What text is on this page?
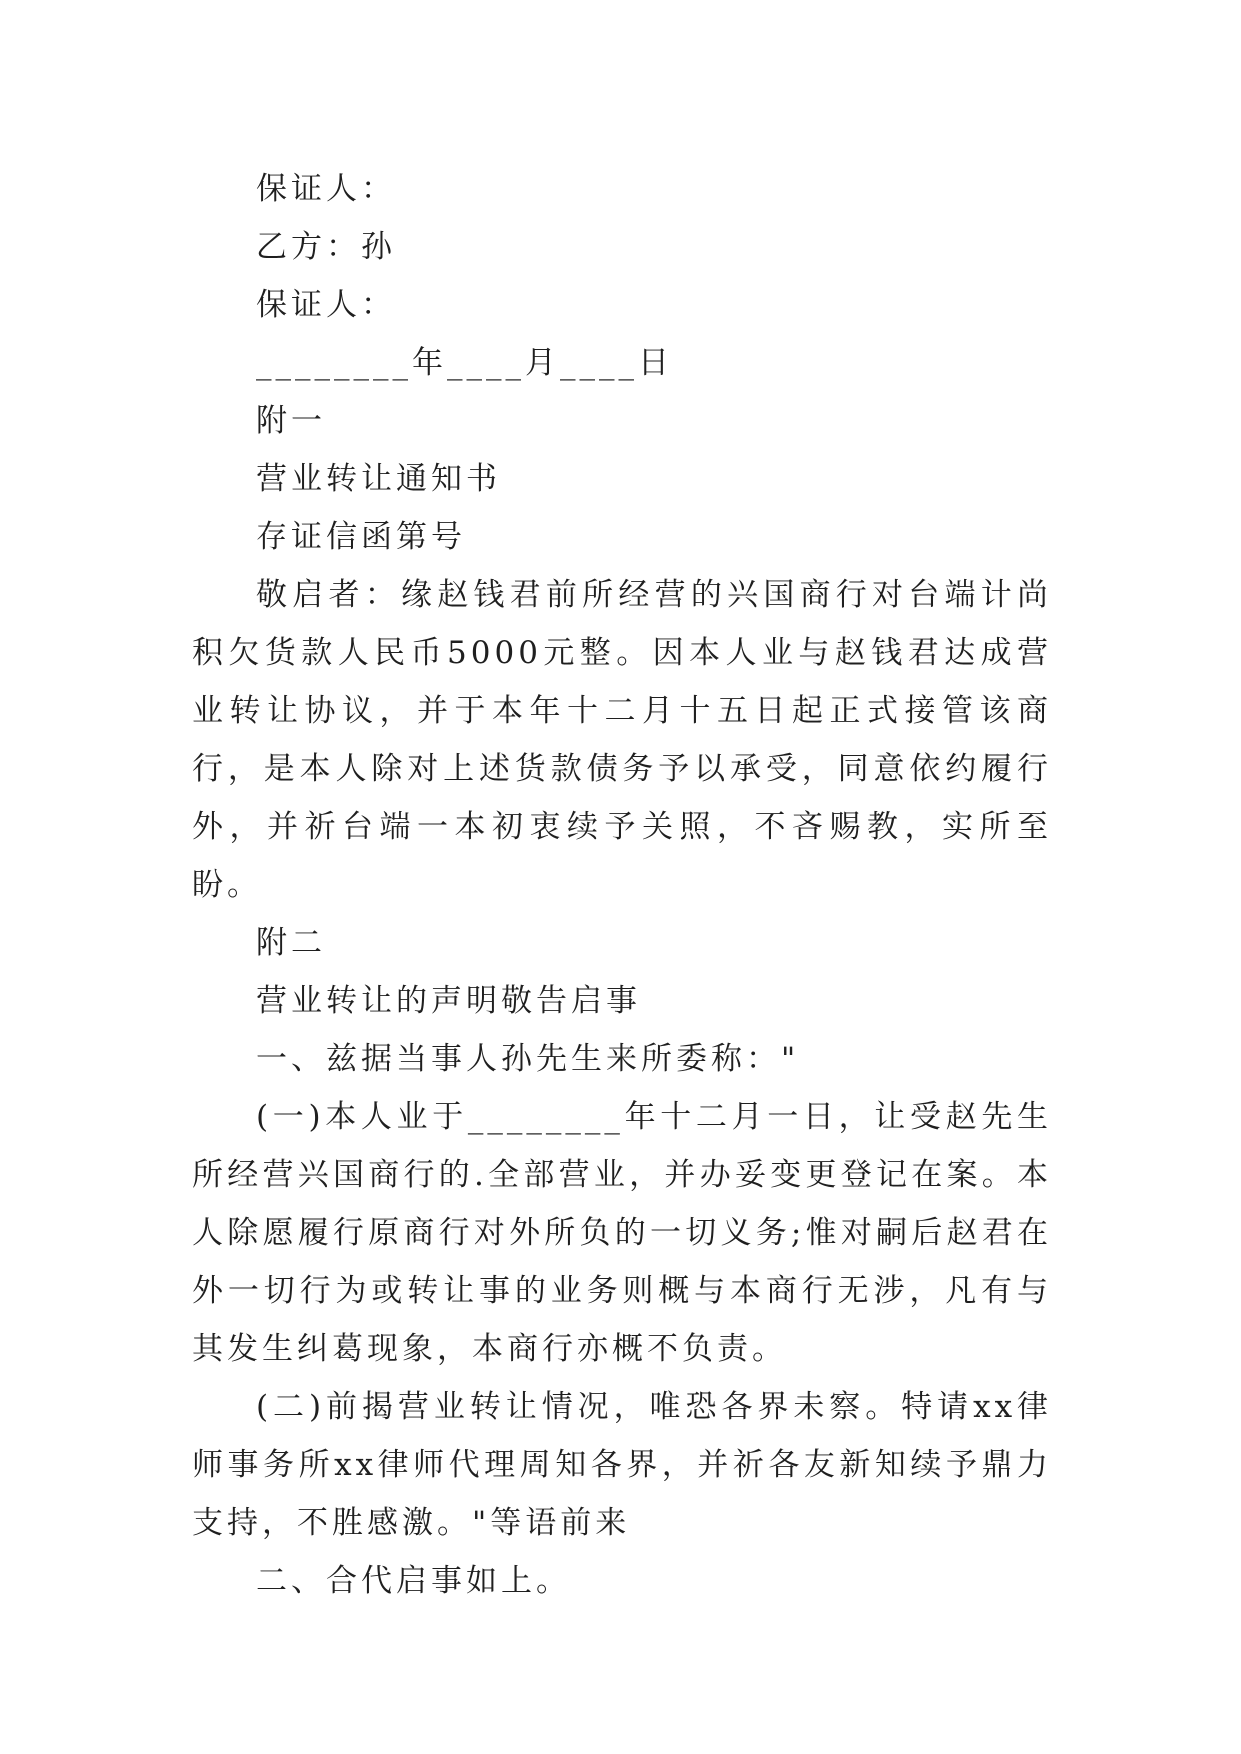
保证人：

乙方：孙

保证人：

________年____月____日

附一

营业转让通知书

存证信函第号

敬启者：缘赵钱君前所经营的兴国商行对台端计尚积欠货款人民币5000元整。因本人业与赵钱君达成营业转让协议，并于本年十二月十五日起正式接管该商行，是本人除对上述货款债务予以承受，同意依约履行外，并祈台端一本初衷续予关照，不吝赐教，实所至盼。

附二

营业转让的声明敬告启事

一、兹据当事人孙先生来所委称："

(一)本人业于________年十二月一日，让受赵先生所经营兴国商行的.全部营业，并办妥变更登记在案。本人除愿履行原商行对外所负的一切义务;惟对嗣后赵君在外一切行为或转让事的业务则概与本商行无涉，凡有与其发生纠葛现象，本商行亦概不负责。

(二)前揭营业转让情况，唯恐各界未察。特请xx律师事务所xx律师代理周知各界，并祈各友新知续予鼎力支持，不胜感激。"等语前来

二、合代启事如上。
